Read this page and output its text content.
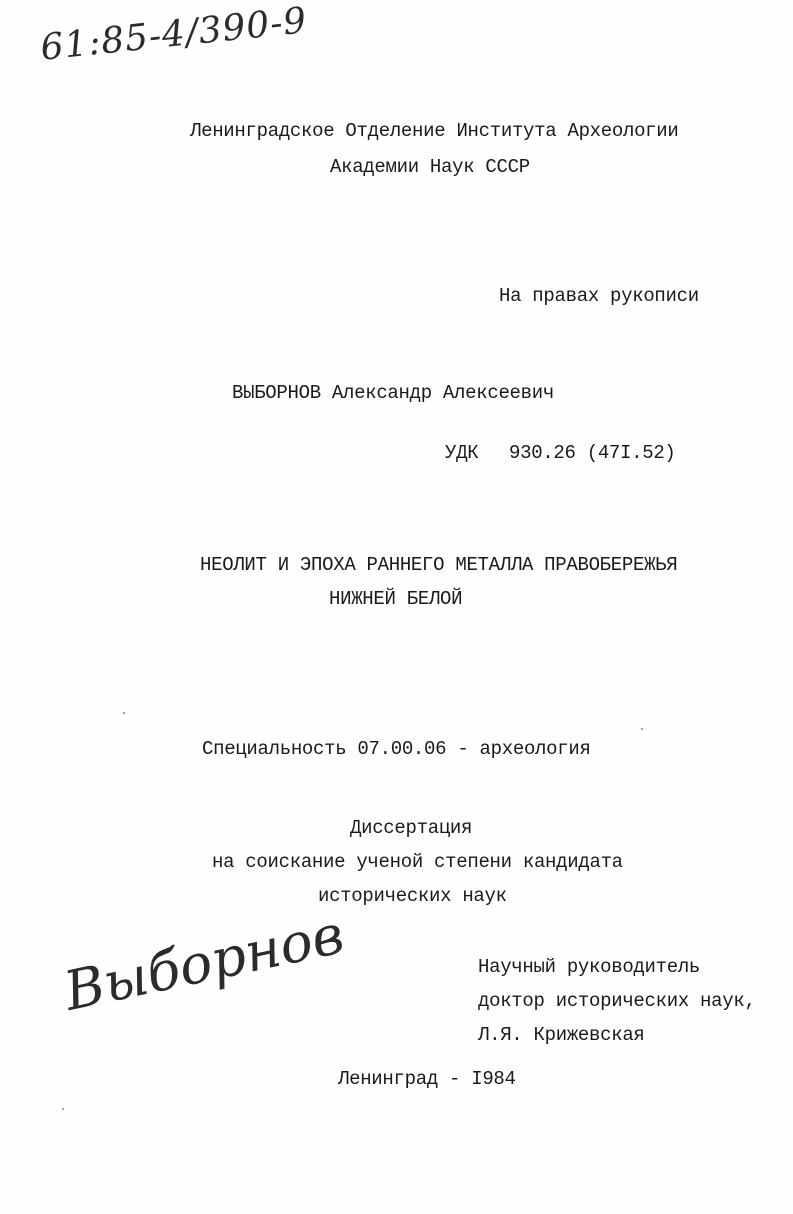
61:85-4/390-9
Ленинградское Отделение Института Археологии
Академии Наук СССР
На правах рукописи
ВЫБОРНОВ Александр Алексеевич
УДК 930.26 (47I.52)
НЕОЛИТ И ЭПОХА РАННЕГО МЕТАЛЛА ПРАВОБЕРЕЖЬЯ
НИЖНЕЙ БЕЛОЙ
Специальность 07.00.06 - археология
Диссертация
на соискание ученой степени кандидата
исторических наук
Научный руководитель
доктор исторических наук,
Л.Я. Крижевская
Выборнов
Ленинград - I984
